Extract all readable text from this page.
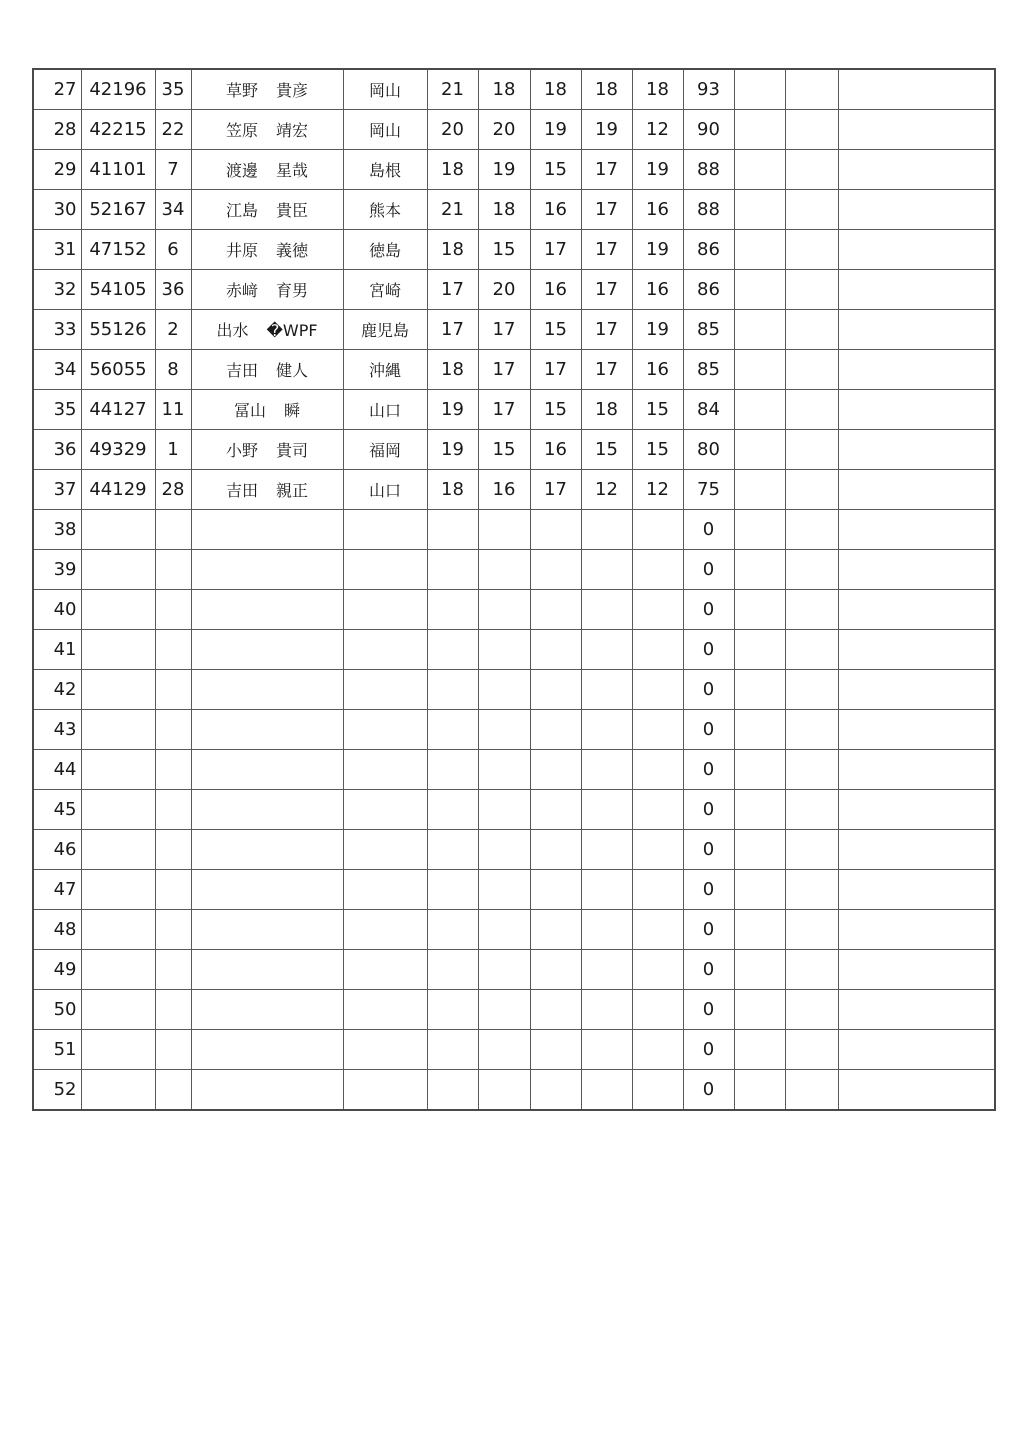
27	42196	35	草野 貴彦	岡山	21	18	18	18	18	93			
28	42215	22	笠原 靖宏	岡山	20	20	19	19	12	90			
29	41101	7	渡邊 星哉	島根	18	19	15	17	19	88			
30	52167	34	江島 貴臣	熊本	21	18	16	17	16	88			
31	47152	6	井原 義徳	徳島	18	15	17	17	19	86			
32	54105	36	赤﨑 育男	宮崎	17	20	16	17	16	86			
33	55126	2	出水 �WPF	鹿児島	17	17	15	17	19	85			
34	56055	8	吉田 健人	沖縄	18	17	17	17	16	85			
35	44127	11	冨山 瞬	山口	19	17	15	18	15	84			
36	49329	1	小野 貴司	福岡	19	15	16	15	15	80			
37	44129	28	吉田 親正	山口	18	16	17	12	12	75			
38										0			
39										0			
40										0			
41										0			
42										0			
43										0			
44										0			
45										0			
46										0			
47										0			
48										0			
49										0			
50										0			
51										0			
52										0			
